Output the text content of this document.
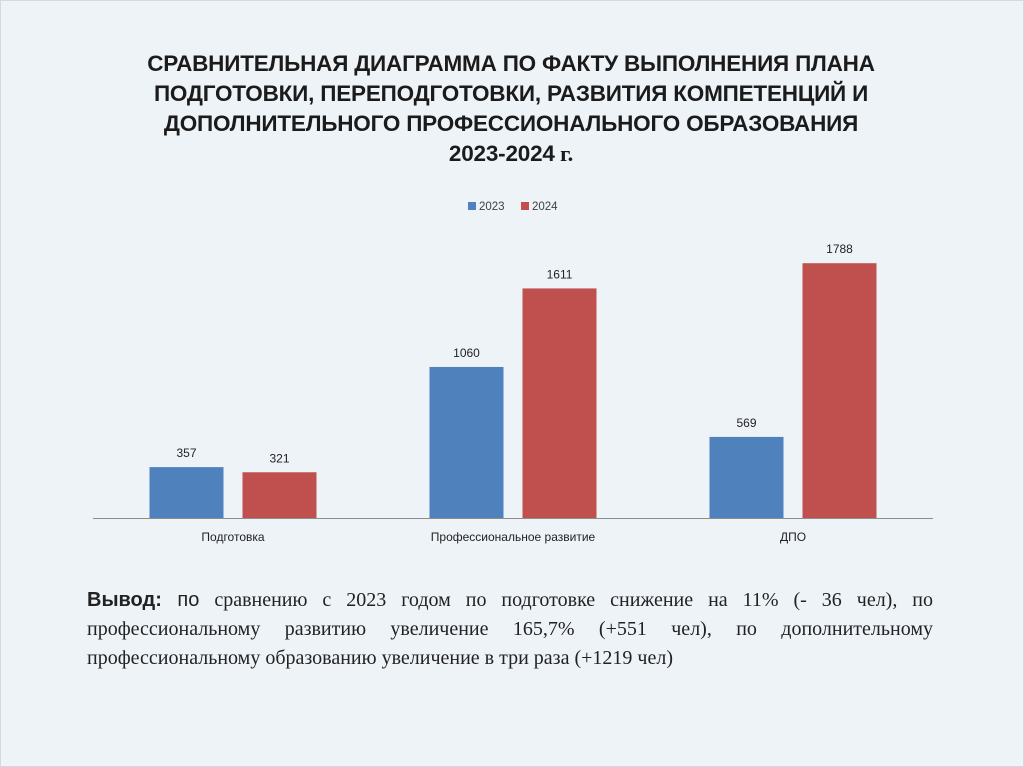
СРАВНИТЕЛЬНАЯ ДИАГРАММА ПО ФАКТУ ВЫПОЛНЕНИЯ ПЛАНА
ПОДГОТОВКИ, ПЕРЕПОДГОТОВКИ, РАЗВИТИЯ КОМПЕТЕНЦИЙ И
ДОПОЛНИТЕЛЬНОГО ПРОФЕССИОНАЛЬНОГО ОБРАЗОВАНИЯ
2023-2024 г.
2023 2024
357	321
Подготовка
1060
1611
Профессиональное развитие
569
1788
ДПО
Вывод: по сравнению с 2023 годом по подготовке снижение на 11% (- 36 чел), по профессиональному развитию увеличение 165,7% (+551 чел), по дополнительному профессиональному образованию увеличение в три раза (+1219 чел)
